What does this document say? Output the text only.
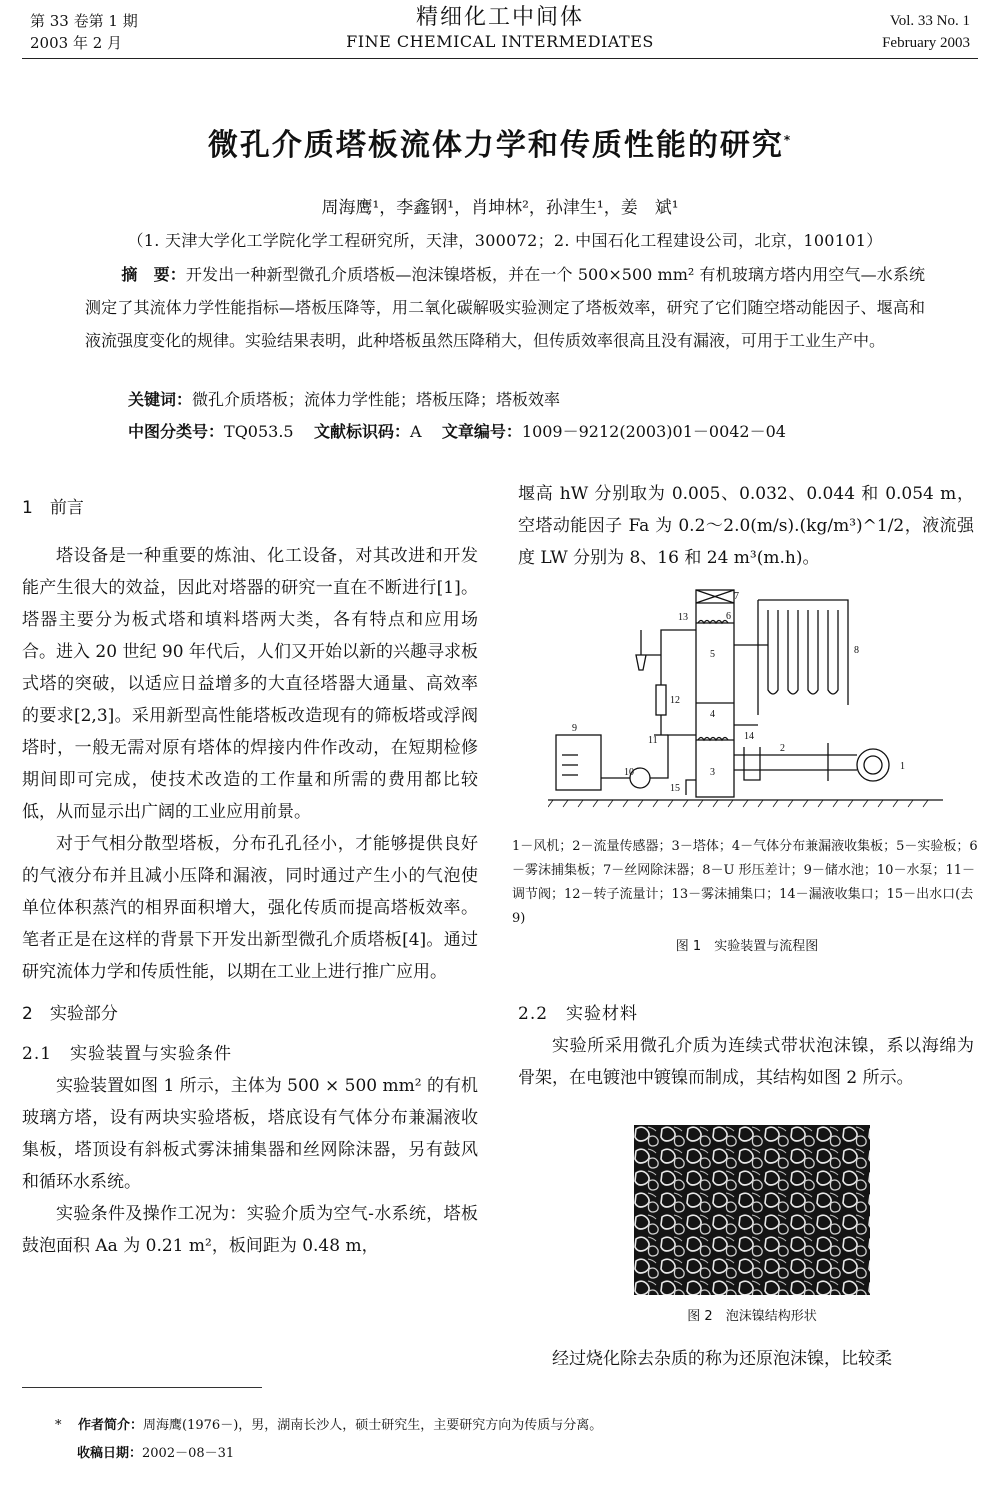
第 33 卷第 1 期
2003 年 2 月
精细化工中间体
FINE CHEMICAL INTERMEDIATES
Vol. 33 No. 1
February 2003
微孔介质塔板流体力学和传质性能的研究*
周海鹰¹，李鑫钢¹，肖坤林²，孙津生¹，姜　斌¹
（1. 天津大学化工学院化学工程研究所，天津，300072；2. 中国石化工程建设公司，北京，100101）
摘　要：开发出一种新型微孔介质塔板—泡沫镍塔板，并在一个 500×500 mm² 有机玻璃方塔内用空气—水系统测定了其流体力学性能指标—塔板压降等，用二氧化碳解吸实验测定了塔板效率，研究了它们随空塔动能因子、堰高和液流强度变化的规律。实验结果表明，此种塔板虽然压降稍大，但传质效率很高且没有漏液，可用于工业生产中。
关键词：微孔介质塔板；流体力学性能；塔板压降；塔板效率
中图分类号：TQ053.5 文献标识码：A 文章编号：1009－9212(2003)01－0042－04
1　前言

塔设备是一种重要的炼油、化工设备，对其改进和开发能产生很大的效益，因此对塔器的研究一直在不断进行[1]。塔器主要分为板式塔和填料塔两大类，各有特点和应用场合。进入 20 世纪 90 年代后，人们又开始以新的兴趣寻求板式塔的突破，以适应日益增多的大直径塔器大通量、高效率的要求[2,3]。采用新型高性能塔板改造现有的筛板塔或浮阀塔时，一般无需对原有塔体的焊接内件作改动，在短期检修期间即可完成，使技术改造的工作量和所需的费用都比较低，从而显示出广阔的工业应用前景。

对于气相分散型塔板，分布孔孔径小，才能够提供良好的气液分布并且减小压降和漏液，同时通过产生小的气泡使单位体积蒸汽的相界面积增大，强化传质而提高塔板效率。笔者正是在这样的背景下开发出新型微孔介质塔板[4]。通过研究流体力学和传质性能，以期在工业上进行推广应用。

2　实验部分
2.1　实验装置与实验条件

实验装置如图 1 所示，主体为 500 × 500 mm² 的有机玻璃方塔，设有两块实验塔板，塔底设有气体分布兼漏液收集板，塔顶设有斜板式雾沫捕集器和丝网除沫器，另有鼓风和循环水系统。

实验条件及操作工况为：实验介质为空气-水系统，塔板鼓泡面积 Aa 为 0.21 m²，板间距为 0.48 m，

堰高 hW 分别取为 0.005、0.032、0.044 和 0.054 m，空塔动能因子 Fa 为 0.2～2.0(m/s).(kg/m³)^1/2，液流强度 LW 分别为 8、16 和 24 m³(m.h)。
1
2
3
4
5
6
7
8
9
10
11
12
13
14
15
1－风机；2－流量传感器；3－塔体；4－气体分布兼漏液收集板；5－实验板；6－雾沫捕集板；7－丝网除沫器；8－U 形压差计；9－储水池；10－水泵；11－调节阀；12－转子流量计；13－雾沫捕集口；14－漏液收集口；15－出水口(去 9)
图 1　实验装置与流程图
2.2　实验材料

实验所采用微孔介质为连续式带状泡沫镍，系以海绵为骨架，在电镀池中镀镍而制成，其结构如图 2 所示。

图 2　泡沫镍结构形状

经过烧化除去杂质的称为还原泡沫镍，比较柔

* 作者简介：周海鹰(1976－)，男，湖南长沙人，硕士研究生，主要研究方向为传质与分离。
收稿日期：2002－08－31
